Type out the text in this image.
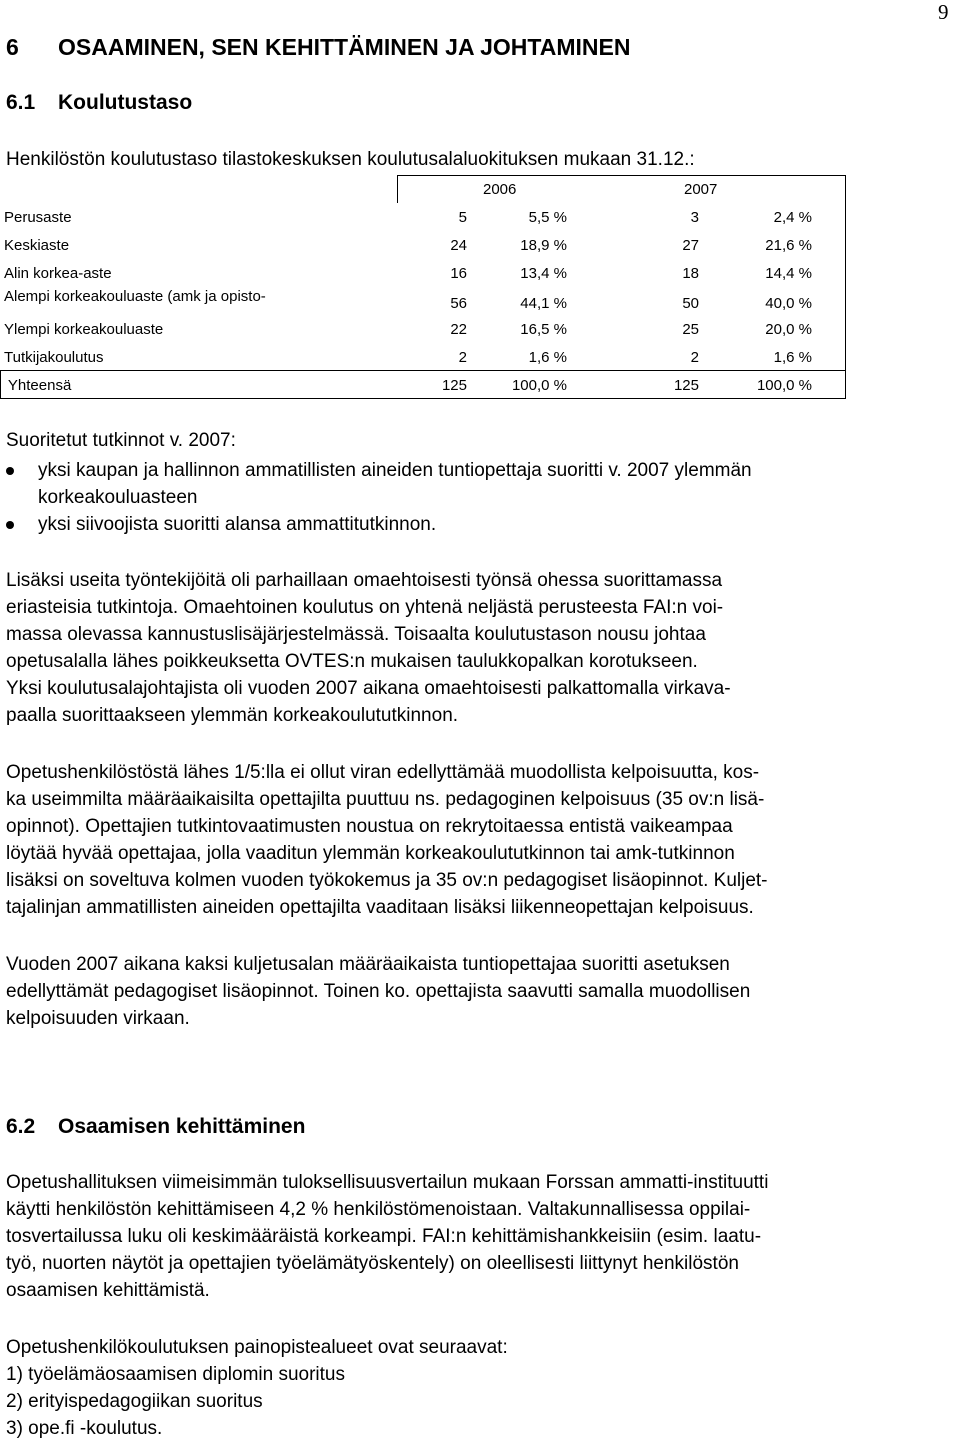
9
6 OSAAMINEN, SEN KEHITTÄMINEN JA JOHTAMINEN
6.1 Koulutustaso
Henkilöstön koulutustaso tilastokeskuksen koulutusalaluokituksen mukaan 31.12.:
2006	2007
Perusaste	5	5,5 %	3	2,4 %
Keskiaste	24	18,9 %	27	21,6 %
Alin korkea-aste	16	13,4 %	18	14,4 %
Alempi korkeakouluaste (amk ja opisto-	56	44,1 %	50	40,0 %
Ylempi korkeakouluaste	22	16,5 %	25	20,0 %
Tutkijakoulutus	2	1,6 %	2	1,6 %
Yhteensä	125	100,0 %	125	100,0 %
Suoritetut tutkinnot v. 2007:
yksi kaupan ja hallinnon ammatillisten aineiden tuntiopettaja suoritti v. 2007 ylemmän
korkeakouluasteen
yksi siivoojista suoritti alansa ammattitutkinnon.
Lisäksi useita työntekijöitä oli parhaillaan omaehtoisesti työnsä ohessa suorittamassa
eriasteisia tutkintoja. Omaehtoinen koulutus on yhtenä neljästä perusteesta FAI:n voi-
massa olevassa kannustuslisäjärjestelmässä. Toisaalta koulutustason nousu johtaa
opetusalalla lähes poikkeuksetta OVTES:n mukaisen taulukkopalkan korotukseen.
Yksi koulutusalajohtajista oli vuoden 2007 aikana omaehtoisesti palkattomalla virkava-
paalla suorittaakseen ylemmän korkeakoulututkinnon.
Opetushenkilöstöstä lähes 1/5:lla ei ollut viran edellyttämää muodollista kelpoisuutta, kos-
ka useimmilta määräaikaisilta opettajilta puuttuu ns. pedagoginen kelpoisuus (35 ov:n lisä-
opinnot). Opettajien tutkintovaatimusten noustua on rekrytoitaessa entistä vaikeampaa
löytää hyvää opettajaa, jolla vaaditun ylemmän korkeakoulututkinnon tai amk-tutkinnon
lisäksi on soveltuva kolmen vuoden työkokemus ja 35 ov:n pedagogiset lisäopinnot. Kuljet-
tajalinjan ammatillisten aineiden opettajilta vaaditaan lisäksi liikenneopettajan kelpoisuus.
Vuoden 2007 aikana kaksi kuljetusalan määräaikaista tuntiopettajaa suoritti asetuksen
edellyttämät pedagogiset lisäopinnot. Toinen ko. opettajista saavutti samalla muodollisen
kelpoisuuden virkaan.
6.2 Osaamisen kehittäminen
Opetushallituksen viimeisimmän tuloksellisuusvertailun mukaan Forssan ammatti-instituutti
käytti henkilöstön kehittämiseen 4,2 % henkilöstömenoistaan. Valtakunnallisessa oppilai-
tosvertailussa luku oli keskimääräistä korkeampi. FAI:n kehittämishankkeisiin (esim. laatu-
työ, nuorten näytöt ja opettajien työelämätyöskentely) on oleellisesti liittynyt henkilöstön
osaamisen kehittämistä.
Opetushenkilökoulutuksen painopistealueet ovat seuraavat:
1) työelämäosaamisen diplomin suoritus
2) erityispedagogiikan suoritus
3) ope.fi -koulutus.
